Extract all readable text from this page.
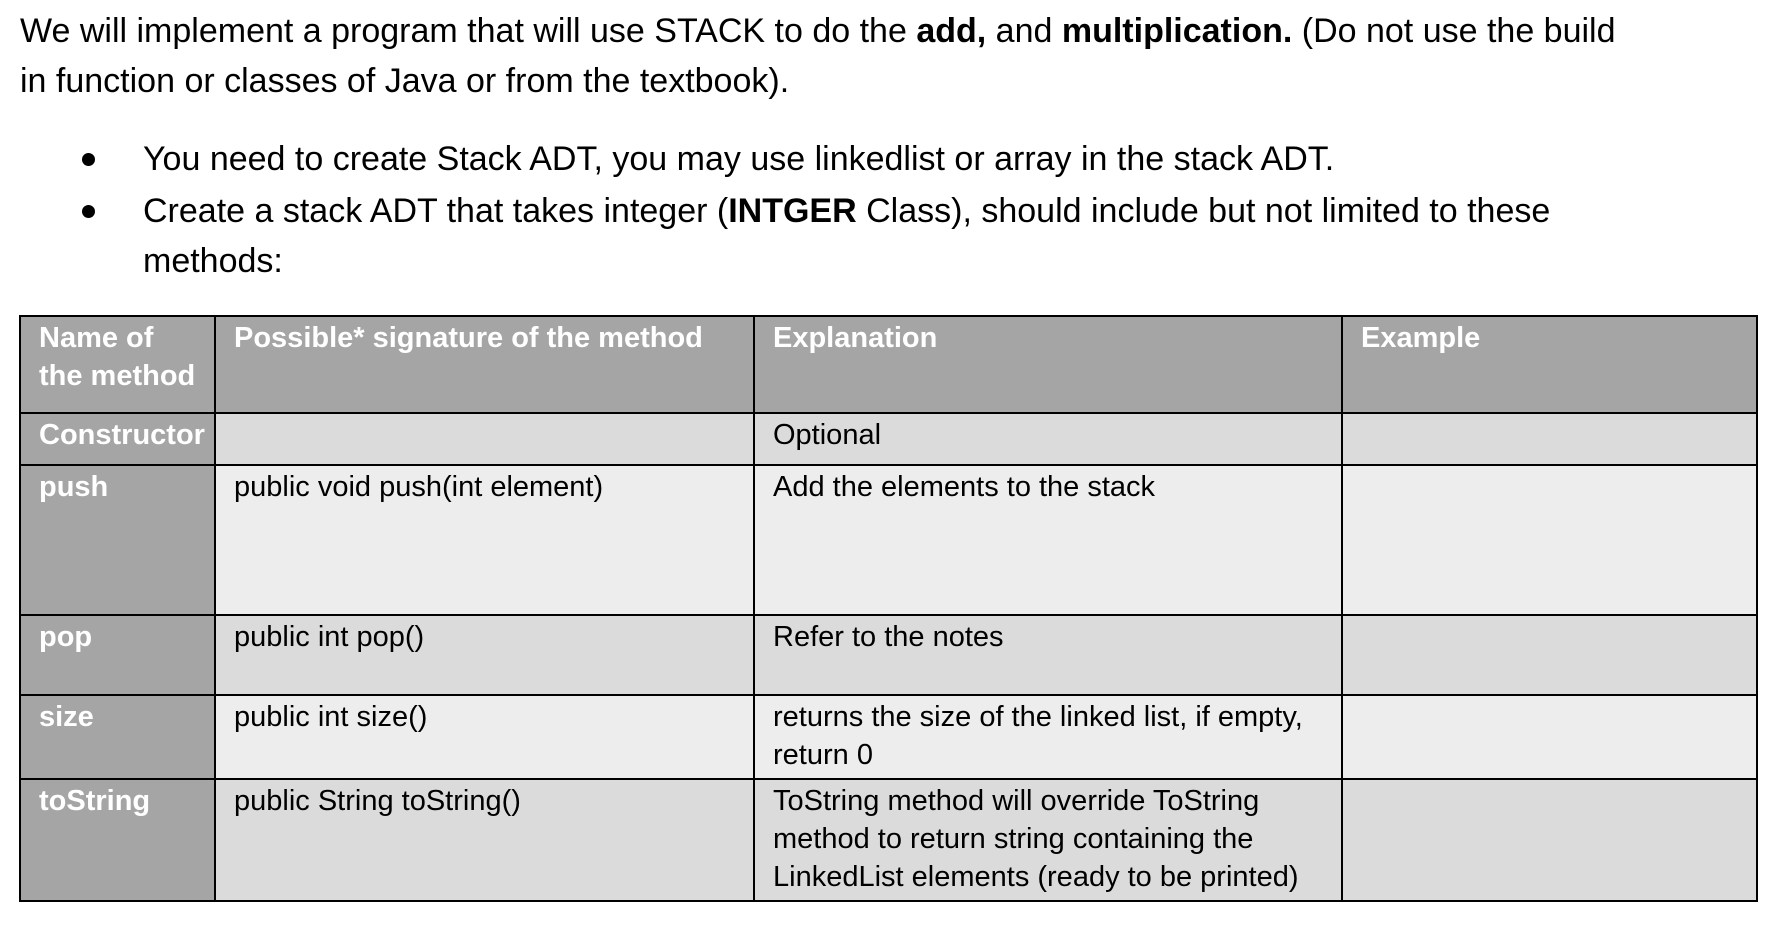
We will implement a program that will use STACK to do the add, and multiplication. (Do not use the build in function or classes of Java or from the textbook).
You need to create Stack ADT, you may use linkedlist or array in the stack ADT.
Create a stack ADT that takes integer (INTGER Class), should include but not limited to these methods:
Name of the method	Possible* signature of the method	Explanation	Example
Constructor		Optional	
push	public void push(int element)	Add the elements to the stack	
pop	public int pop()	Refer to the notes	
size	public int size()	returns the size of the linked list, if empty, return 0	
toString	public String toString()	ToString method will override ToString method to return string containing the LinkedList elements (ready to be printed)	
